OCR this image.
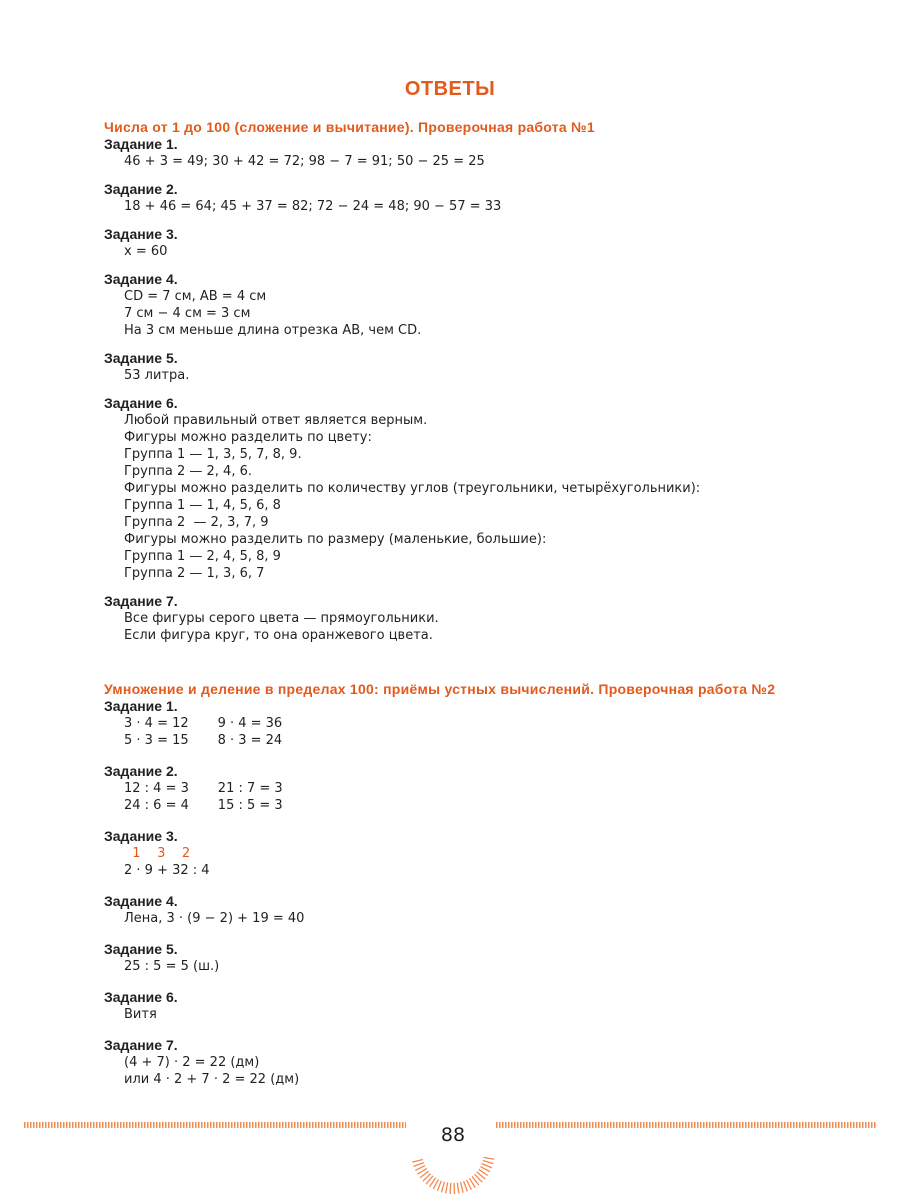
ОТВЕТЫ
Числа от 1 до 100 (сложение и вычитание). Проверочная работа №1
Задание 1.
46 + 3 = 49; 30 + 42 = 72; 98 − 7 = 91; 50 − 25 = 25
Задание 2.
18 + 46 = 64; 45 + 37 = 82; 72 − 24 = 48; 90 − 57 = 33
Задание 3.
x = 60
Задание 4.
CD = 7 см, AB = 4 см
7 см − 4 см = 3 см
На 3 см меньше длина отрезка AB, чем CD.
Задание 5.
53 литра.
Задание 6.
Любой правильный ответ является верным.
Фигуры можно разделить по цвету:
Группа 1 — 1, 3, 5, 7, 8, 9.
Группа 2 — 2, 4, 6.
Фигуры можно разделить по количеству углов (треугольники, четырёхугольники):
Группа 1 — 1, 4, 5, 6, 8
Группа 2  — 2, 3, 7, 9
Фигуры можно разделить по размеру (маленькие, большие):
Группа 1 — 2, 4, 5, 8, 9
Группа 2 — 1, 3, 6, 7
Задание 7.
Все фигуры серого цвета — прямоугольники.
Если фигура круг, то она оранжевого цвета.
Умножение и деление в пределах 100: приёмы устных вычислений. Проверочная работа №2
Задание 1.
3 · 4 = 12       9 · 4 = 36
5 · 3 = 15       8 · 3 = 24
Задание 2.
12 : 4 = 3       21 : 7 = 3
24 : 6 = 4       15 : 5 = 3
Задание 3.
1    3    2
2 · 9 + 32 : 4
Задание 4.
Лена, 3 · (9 − 2) + 19 = 40
Задание 5.
25 : 5 = 5 (ш.)
Задание 6.
Витя
Задание 7.
(4 + 7) · 2 = 22 (дм)
или 4 · 2 + 7 · 2 = 22 (дм)
88
